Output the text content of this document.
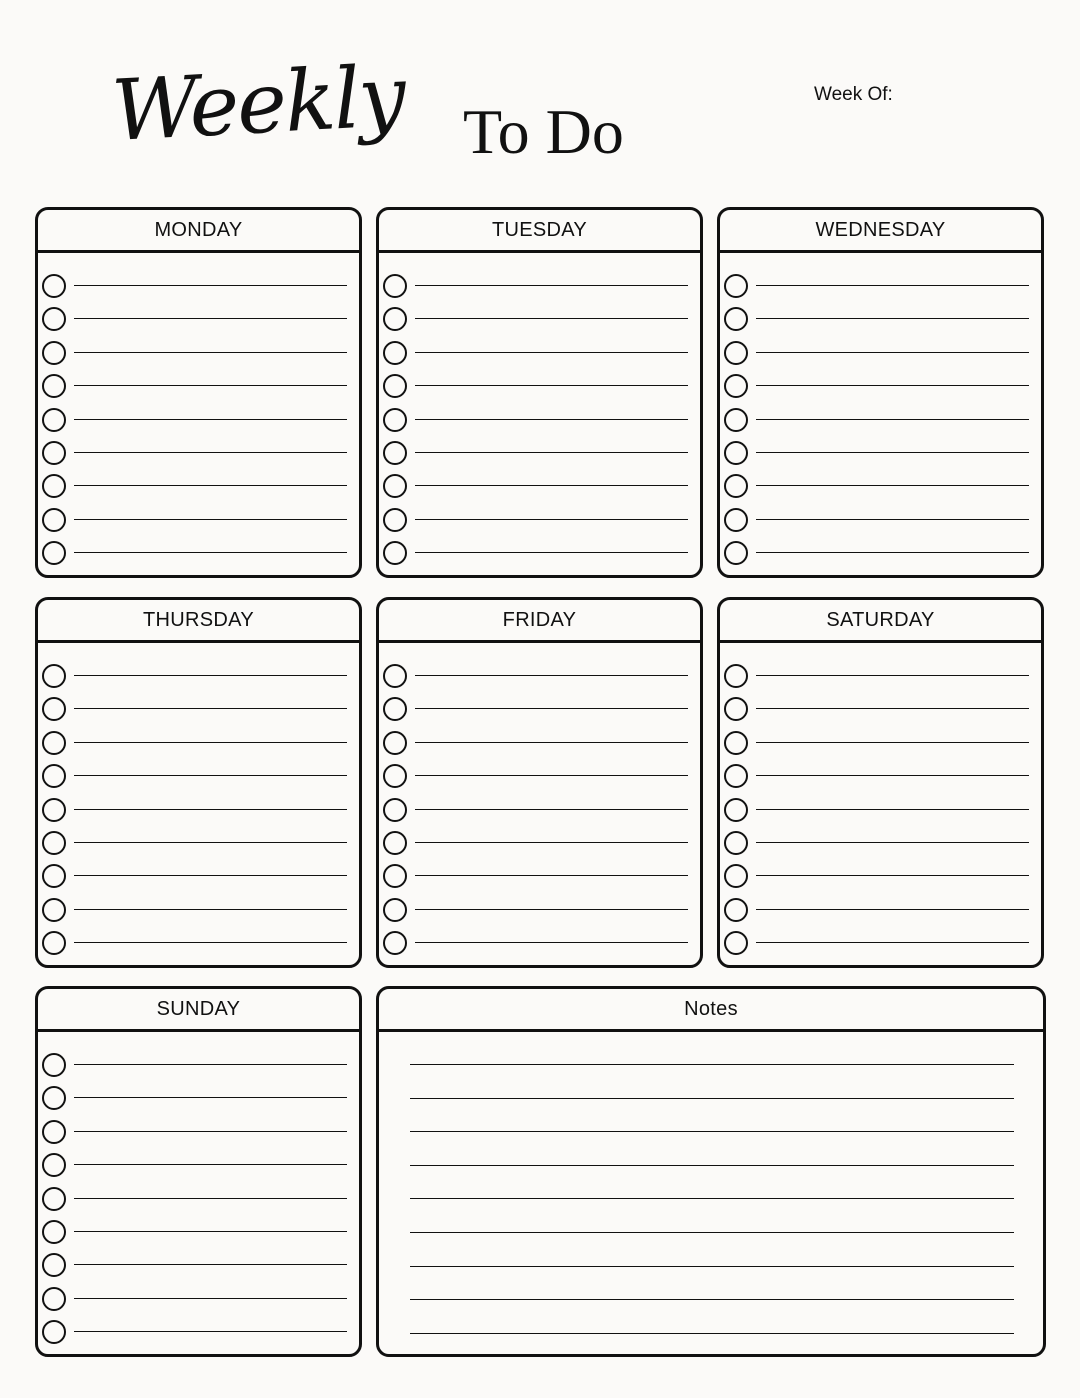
Weekly To Do
Week Of:
MONDAY	TUESDAY	WEDNESDAY
THURSDAY	FRIDAY	SATURDAY
SUNDAY	Notes
